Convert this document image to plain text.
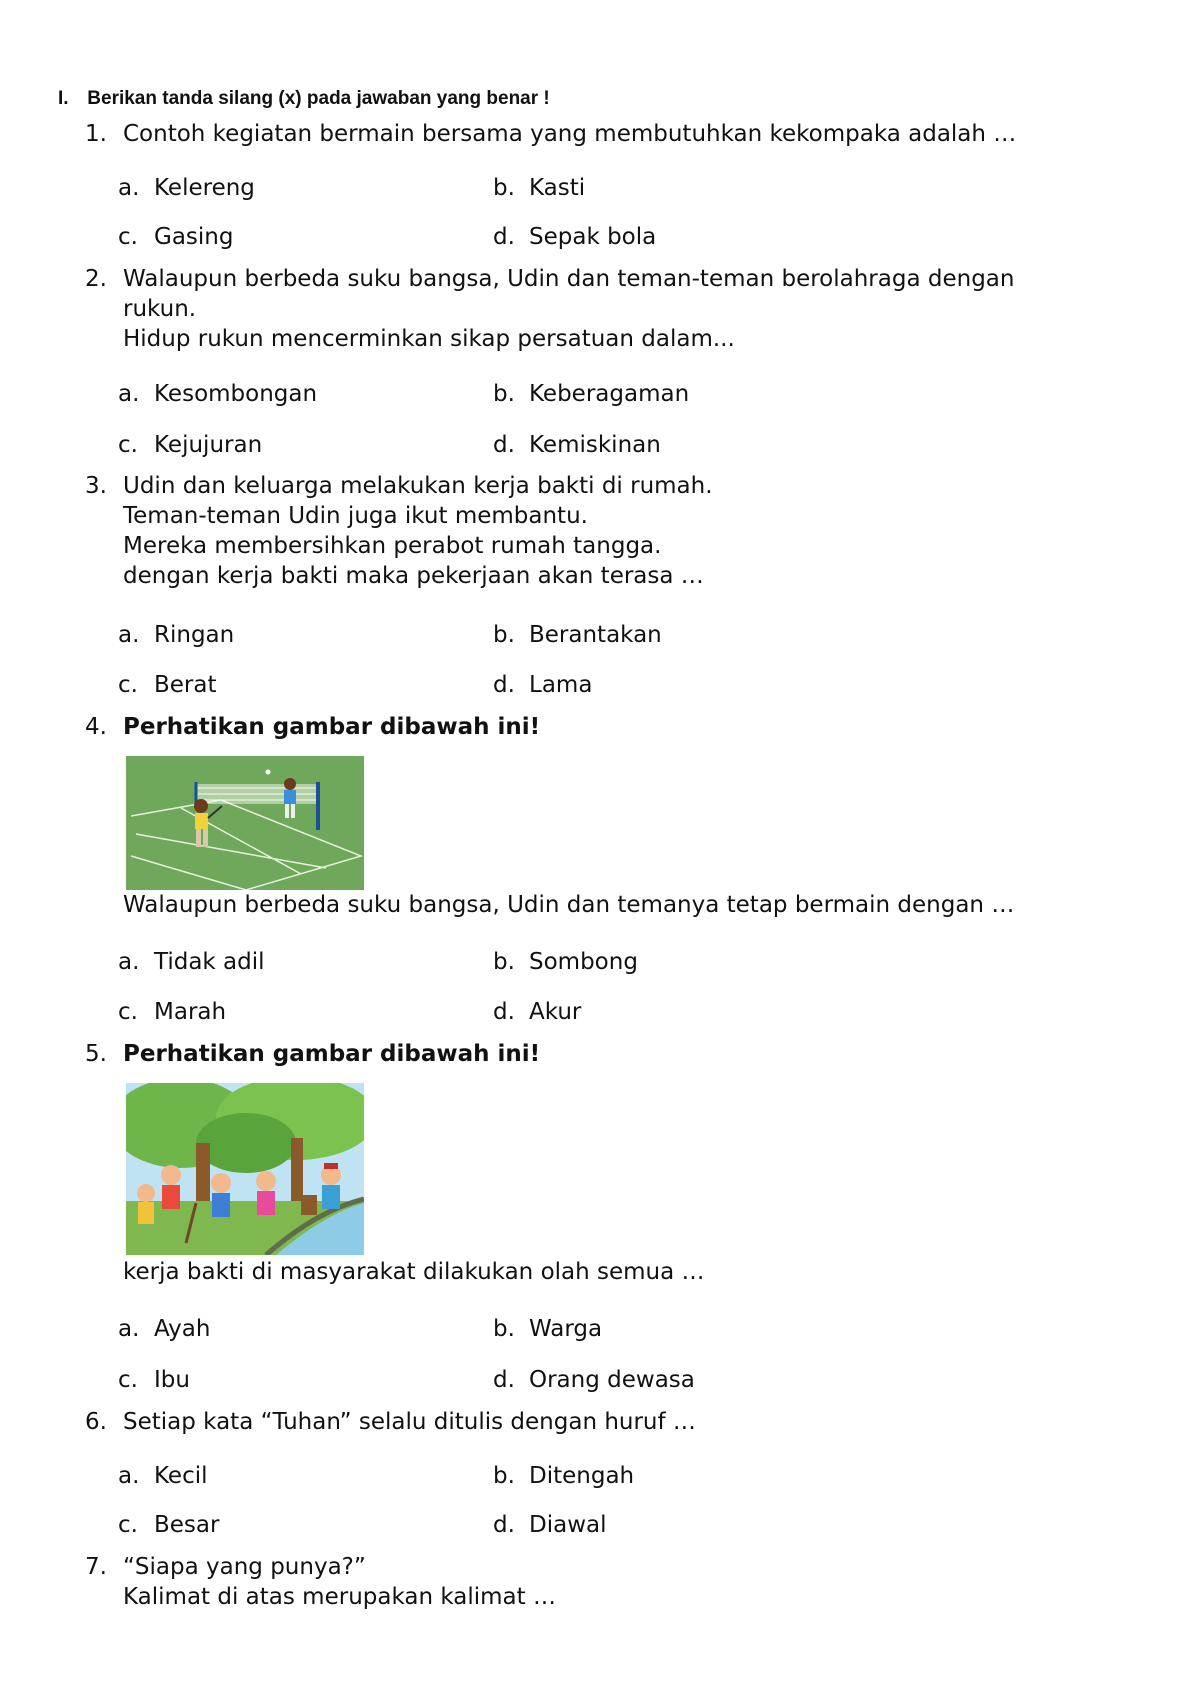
I. Berikan tanda silang (x) pada jawaban yang benar !
1. Contoh kegiatan bermain bersama yang membutuhkan kekompaka adalah …
a. Kelereng	b. Kasti
c. Gasing	d. Sepak bola
2. Walaupun berbeda suku bangsa, Udin dan teman-teman berolahraga dengan
rukun.
Hidup rukun mencerminkan sikap persatuan dalam...
a. Kesombongan	b. Keberagaman
c. Kejujuran	d. Kemiskinan
3. Udin dan keluarga melakukan kerja bakti di rumah.
Teman-teman Udin juga ikut membantu.
Mereka membersihkan perabot rumah tangga.
dengan kerja bakti maka pekerjaan akan terasa …
a. Ringan	b. Berantakan
c. Berat	d. Lama
4. Perhatikan gambar dibawah ini!
Walaupun berbeda suku bangsa, Udin dan temanya tetap bermain dengan …
a. Tidak adil	b. Sombong
c. Marah	d. Akur
5. Perhatikan gambar dibawah ini!
kerja bakti di masyarakat dilakukan olah semua …
a. Ayah	b. Warga
c. Ibu	d. Orang dewasa
6. Setiap kata “Tuhan” selalu ditulis dengan huruf …
a. Kecil	b. Ditengah
c. Besar	d. Diawal
7. “Siapa yang punya?”
Kalimat di atas merupakan kalimat …
